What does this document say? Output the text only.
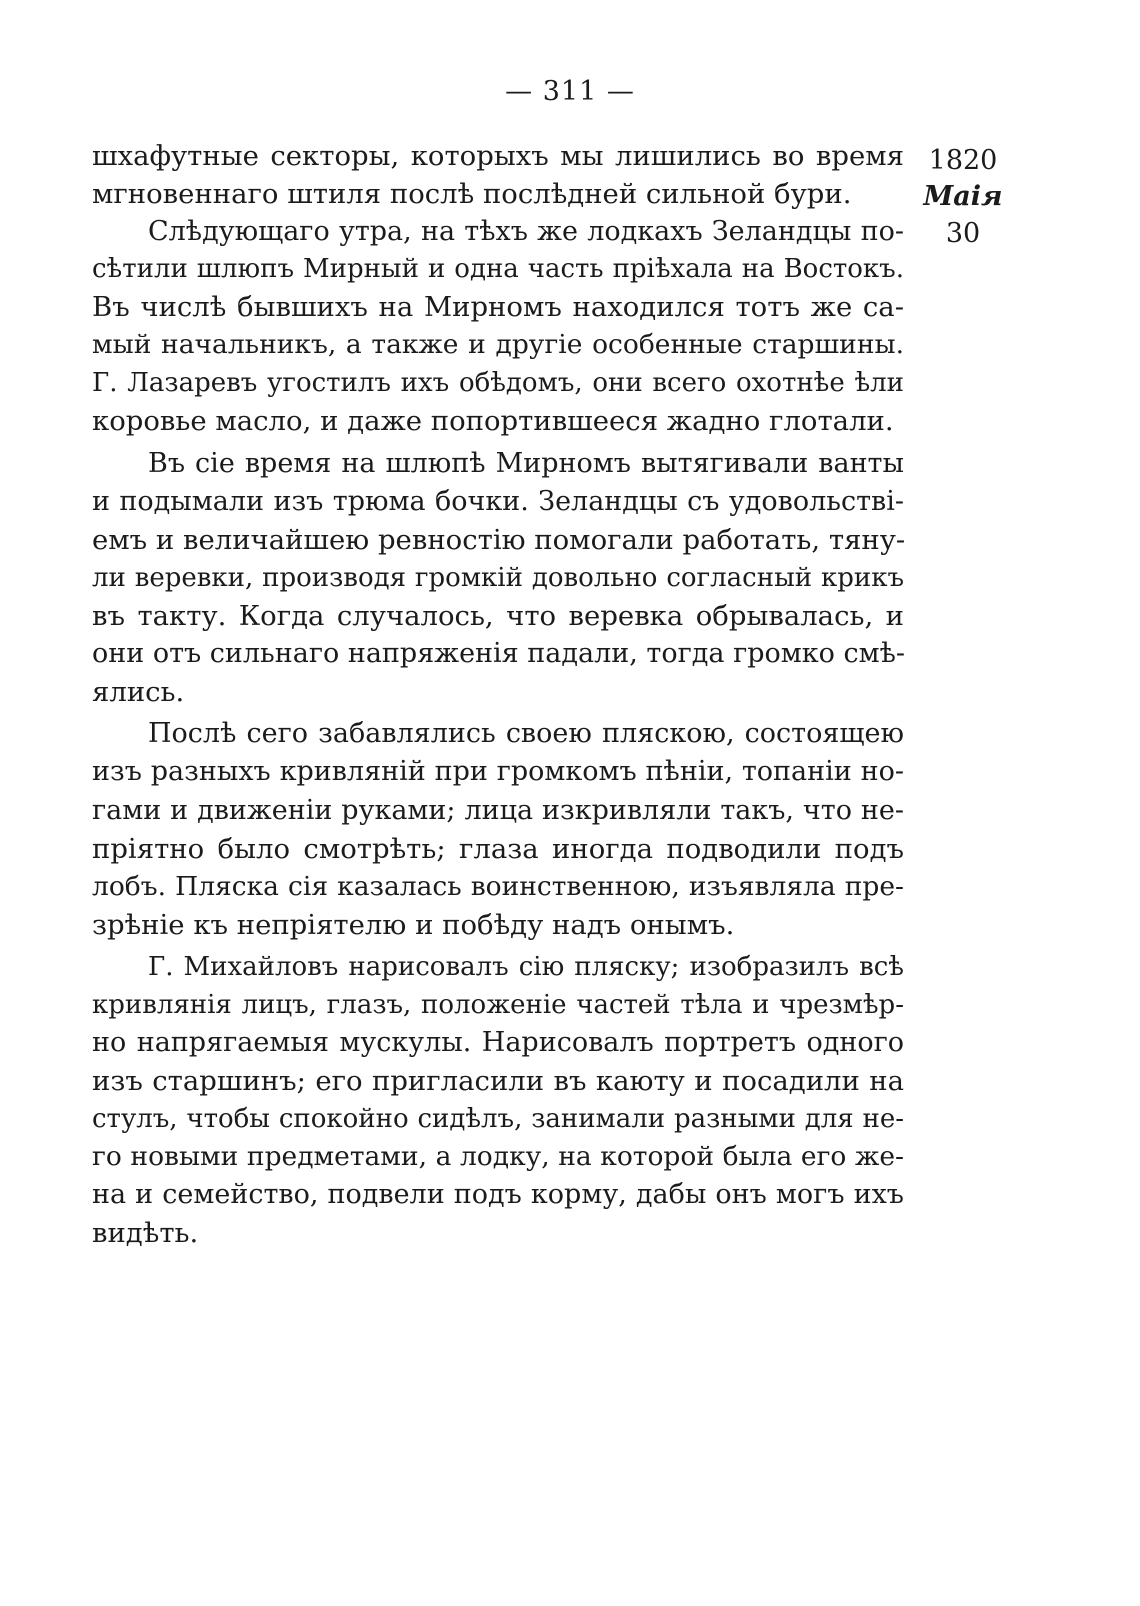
— 311 —
1820
Маія
30
шхафутные секторы, которыхъ мы лишились во время
мгновеннаго штиля послѣ послѣдней сильной бури.
Слѣдующаго утра, на тѣхъ же лодкахъ Зеландцы по-
сѣтили шлюпъ Мирный и одна часть пріѣхала на Востокъ.
Въ числѣ бывшихъ на Мирномъ находился тотъ же са-
мый начальникъ, а также и другіе особенные старшины.
Г. Лазаревъ угостилъ ихъ обѣдомъ, они всего охотнѣе ѣли
коровье масло, и даже попортившееся жадно глотали.
Въ сіе время на шлюпѣ Мирномъ вытягивали ванты
и подымали изъ трюма бочки. Зеландцы съ удовольстві-
емъ и величайшею ревностію помогали работать, тяну-
ли веревки, производя громкій довольно согласный крикъ
въ такту. Когда случалось, что веревка обрывалась, и
они отъ сильнаго напряженія падали, тогда громко смѣ-
ялись.
Послѣ сего забавлялись своею пляскою, состоящею
изъ разныхъ кривляній при громкомъ пѣніи, топаніи но-
гами и движеніи руками; лица изкривляли такъ, что не-
пріятно было смотрѣть; глаза иногда подводили подъ
лобъ. Пляска сія казалась воинственною, изъявляла пре-
зрѣніе къ непріятелю и побѣду надъ онымъ.
Г. Михайловъ нарисовалъ сію пляску; изобразилъ всѣ
кривлянія лицъ, глазъ, положеніе частей тѣла и чрезмѣр-
но напрягаемыя мускулы. Нарисовалъ портретъ одного
изъ старшинъ; его пригласили въ каюту и посадили на
стулъ, чтобы спокойно сидѣлъ, занимали разными для не-
го новыми предметами, а лодку, на которой была его же-
на и семейство, подвели подъ корму, дабы онъ могъ ихъ
видѣть.
